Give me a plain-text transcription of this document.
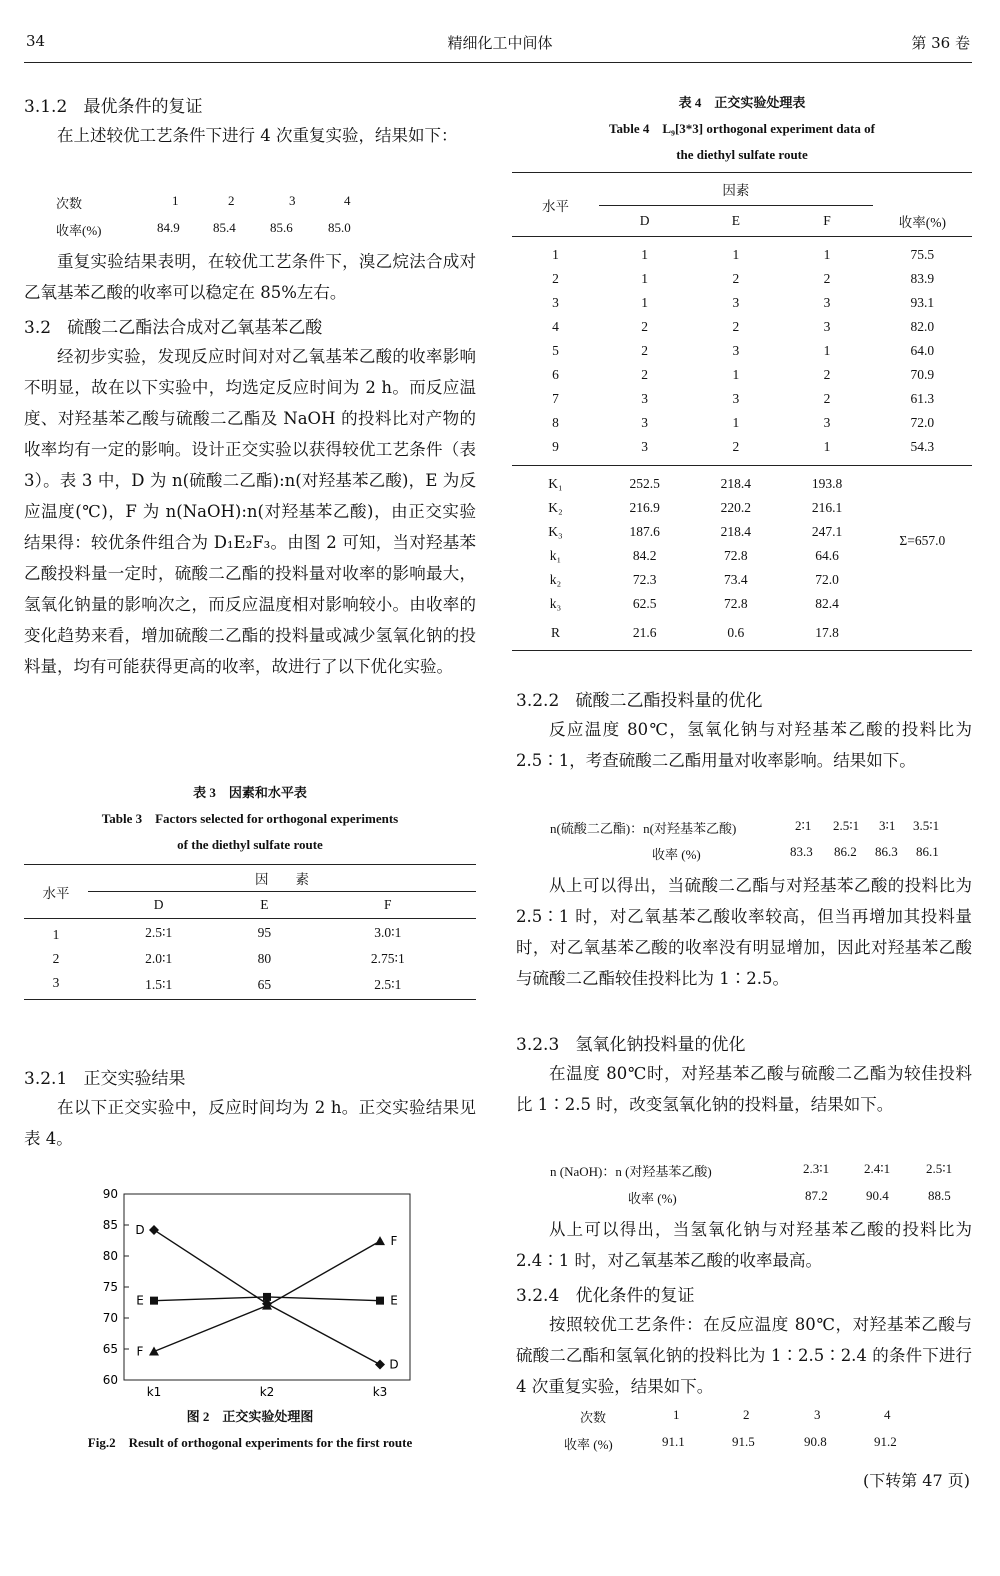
34	精细化工中间体	第 36 卷
3.1.2 最优条件的复证

在上述较优工艺条件下进行 4 次重复实验，结果如下：

次数	1	2	3	4
收率(%)	84.9	85.4	85.6	85.0

重复实验结果表明，在较优工艺条件下，溴乙烷法合成对乙氧基苯乙酸的收率可以稳定在 85%左右。

3.2 硫酸二乙酯法合成对乙氧基苯乙酸

经初步实验，发现反应时间对对乙氧基苯乙酸的收率影响不明显，故在以下实验中，均选定反应时间为 2 h。而反应温度、对羟基苯乙酸与硫酸二乙酯及 NaOH 的投料比对产物的收率均有一定的影响。设计正交实验以获得较优工艺条件（表 3）。表 3 中，D 为 n(硫酸二乙酯):n(对羟基苯乙酸)，E 为反应温度(℃)，F 为 n(NaOH):n(对羟基苯乙酸)，由正交实验结果得：较优条件组合为 D₁E₂F₃。由图 2 可知，当对羟基苯乙酸投料量一定时，硫酸二乙酯的投料量对收率的影响最大，氢氧化钠量的影响次之，而反应温度相对影响较小。由收率的变化趋势来看，增加硫酸二乙酯的投料量或减少氢氧化钠的投料量，均有可能获得更高的收率，故进行了以下优化实验。

表 3　因素和水平表
Table 3　Factors selected for orthogonal experiments
of the diethyl sulfate route
水平	因　　素		
	D	E	F
1	2.5∶1	95	3.0∶1
2	2.0∶1	80	2.75∶1
3	1.5∶1	65	2.5∶1
3.2.1 正交实验结果

在以下正交实验中，反应时间均为 2 h。正交实验结果见表 4。

60
65
70
75
80
85
90
k1	k2	k3
D
D
E	E
F
F
图 2　正交实验处理图
Fig.2　Result of orthogonal experiments for the first route
表 4　正交实验处理表
Table 4　L₉[3*3] orthogonal experiment data of
the diethyl sulfate route
水平	因素			
	D	E	F	收率(%)
1	1	1	1	75.5
2	1	2	2	83.9
3	1	3	3	93.1
4	2	2	3	82.0
5	2	3	1	64.0
6	2	1	2	70.9
7	3	3	2	61.3
8	3	1	3	72.0
9	3	2	1	54.3
K₁	252.5	218.4	193.8	Σ=657.0
K₂	216.9	220.2	216.1	
K₃	187.6	218.4	247.1	
k₁	84.2	72.8	64.6	
k₂	72.3	73.4	72.0	
k₃	62.5	72.8	82.4	
R	21.6	0.6	17.8	
3.2.2 硫酸二乙酯投料量的优化

反应温度 80℃，氢氧化钠与对羟基苯乙酸的投料比为 2.5∶1，考查硫酸二乙酯用量对收率影响。结果如下。

n(硫酸二乙酯)：n(对羟基苯乙酸)	2∶1 2.5∶1 3∶1 3.5∶1
收率 (%)	83.3 86.2 86.3 86.1

从上可以得出，当硫酸二乙酯与对羟基苯乙酸的投料比为 2.5∶1 时，对乙氧基苯乙酸收率较高，但当再增加其投料量时，对乙氧基苯乙酸的收率没有明显增加，因此对羟基苯乙酸与硫酸二乙酯较佳投料比为 1∶2.5。

3.2.3 氢氧化钠投料量的优化

在温度 80℃时，对羟基苯乙酸与硫酸二乙酯为较佳投料比 1∶2.5 时，改变氢氧化钠的投料量，结果如下。

n (NaOH)：n (对羟基苯乙酸)	2.3∶1	2.4∶1	2.5∶1
收率 (%)	87.2	90.4	88.5

从上可以得出，当氢氧化钠与对羟基苯乙酸的投料比为 2.4∶1 时，对乙氧基苯乙酸的收率最高。

3.2.4 优化条件的复证

按照较优工艺条件：在反应温度 80℃，对羟基苯乙酸与硫酸二乙酯和氢氧化钠的投料比为 1∶2.5∶2.4 的条件下进行 4 次重复实验，结果如下。

次数	1	2	3	4
收率 (%)	91.1	91.5	90.8	91.2
(下转第 47 页)
